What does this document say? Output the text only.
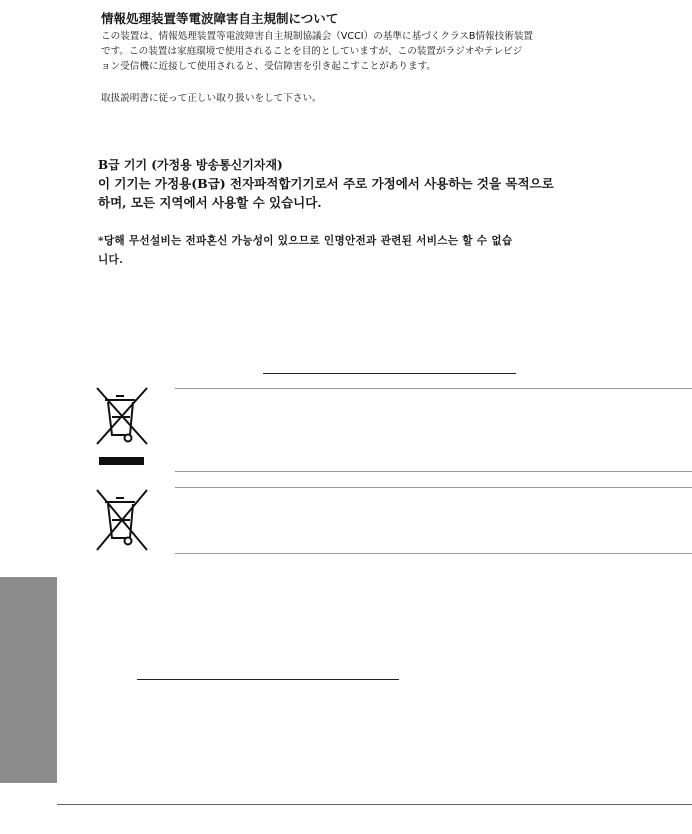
情報処理装置等電波障害自主規制について
この装置は、情報処理装置等電波障害自主規制協議会（VCCI）の基準に基づくクラスB情報技術装置
です。この装置は家庭環境で使用されることを目的としていますが、この装置がラジオやテレビジ
ョン受信機に近接して使用されると、受信障害を引き起こすことがあります。
取扱説明書に従って正しい取り扱いをして下さい。
B급 기기 (가정용 방송통신기자재)
이 기기는 가정용(B급) 전자파적합기기로서 주로 가정에서 사용하는 것을 목적으로
하며, 모든 지역에서 사용할 수 있습니다.
*당해 무선설비는 전파혼신 가능성이 있으므로 인명안전과 관련된 서비스는 할 수 없습
니다.
